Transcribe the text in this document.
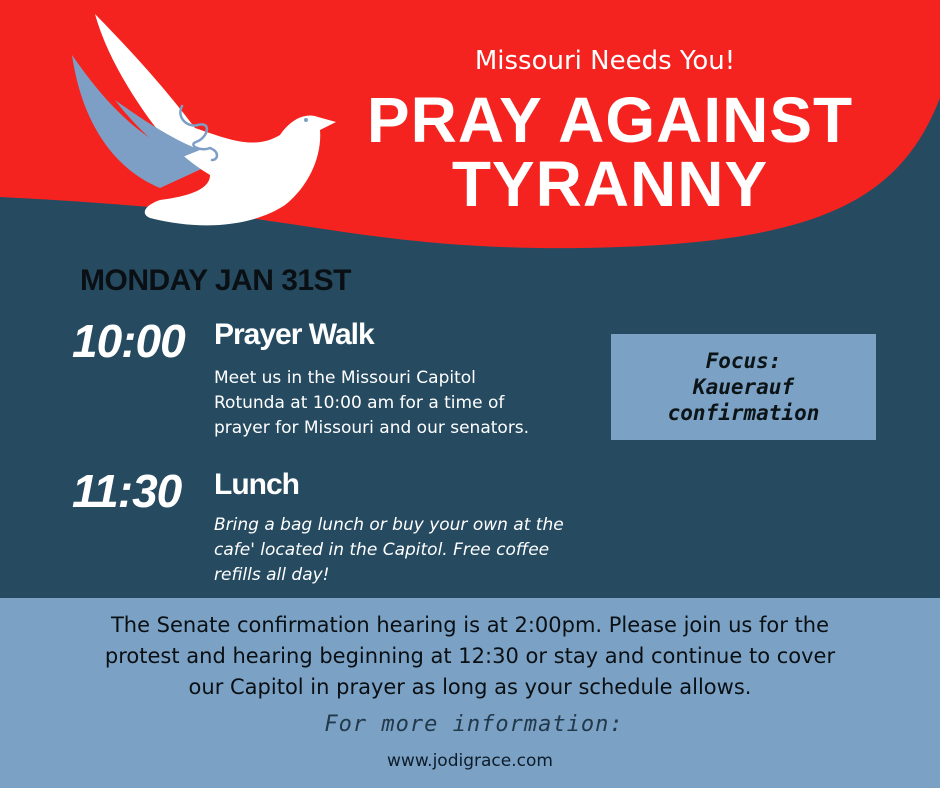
Missouri Needs You!
PRAY AGAINST
TYRANNY
MONDAY JAN 31ST
10:00 Prayer Walk
Meet us in the Missouri Capitol
Rotunda at 10:00 am for a time of
prayer for Missouri and our senators.
11:30 Lunch
Bring a bag lunch or buy your own at the
cafe' located in the Capitol. Free coffee
refills all day!
Focus:
Kauerauf
confirmation
The Senate confirmation hearing is at 2:00pm. Please join us for the
protest and hearing beginning at 12:30 or stay and continue to cover
our Capitol in prayer as long as your schedule allows.
For more information:
www.jodigrace.com
